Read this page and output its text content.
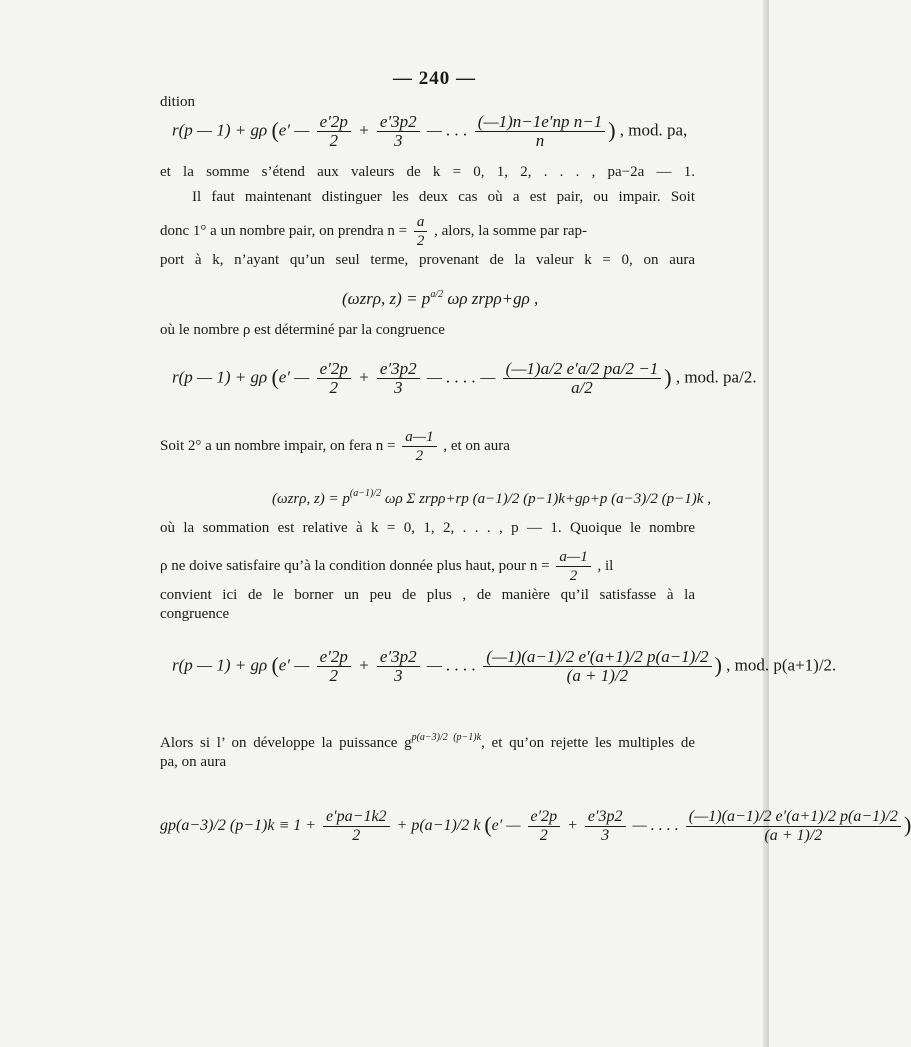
— 240 —
dition
r(p — 1) + gρ (e′ — $\frac{e'2p}{2} + \frac{e'3p2}{3}$ — . . . $\frac{\text{(—1)n−1e′np n−1}}{n}$ ) , mod. pa,
et la somme s’étend aux valeurs de k = 0, 1, 2, . . . , pa−2a — 1.
Il faut maintenant distinguer les deux cas où a est pair, ou impair. Soit
donc 1° a un nombre pair, on prendra $n = \frac{a}{2}$ , alors, la somme par rap-
port à k, n’ayant qu’un seul terme, provenant de la valeur k = 0, on aura
(ωzrρ, $z) = p^{a/2}$ ωρ zrpρ+gρ ,
où le nombre ρ est déterminé par la congruence
r(p — 1) + gρ (e′ — $\frac{e'2p}{2} + \frac{e'3p2}{3}$ — . . . . — $\frac{(—1)a/2 e'a/2 pa/2 -1}{a/2}$ ) , mod. pa/2.
Soit 2° a un nombre impair, on fera $n = \frac{a—1}{2}$ , et on aura
(ωzrρ, $z) = p^{(a-1)/2}$ ωρ Σ zrpρ+rp (a−1)/2 (p−1)k+gρ+p (a−3)/2 (p−1)k ,
où la sommation est relative à k = 0, 1, 2, . . . , p — 1. Quoique le nombre
ρ ne doive satisfaire qu’à la condition donnée plus haut, pour $n = \frac{a—1}{2}$ , il
convient ici de le borner un peu de plus , de manière qu’il satisfasse à la
congruence
r(p — 1) + gρ (e′ — $\frac{e'2p}{2} + \frac{e'3p2}{3}$ — . . . . $\frac{(—1)(a-1)/2 e'(a+1)/2 p(a-1)/2}{(a + 1)/2}$ ) , mod. p(a+1)/2.
Alors si l’ on développe la puissance $g^{p(a-3)/2 (p-1)k}$, et qu’on rejette les multiples de
pa, on aura
gp(a−3)/2 $(p-1)k \equiv 1 + \frac{e'pa-1k2}{2} + p(a-1)/2$ k (e′ — $\frac{e'2p}{2} + \frac{e'3p2}{3}$ — . . . . $\frac{(—1)(a-1)/2 e'(a+1)/2 p(a-1)/2}{(a + 1)/2}$ )
